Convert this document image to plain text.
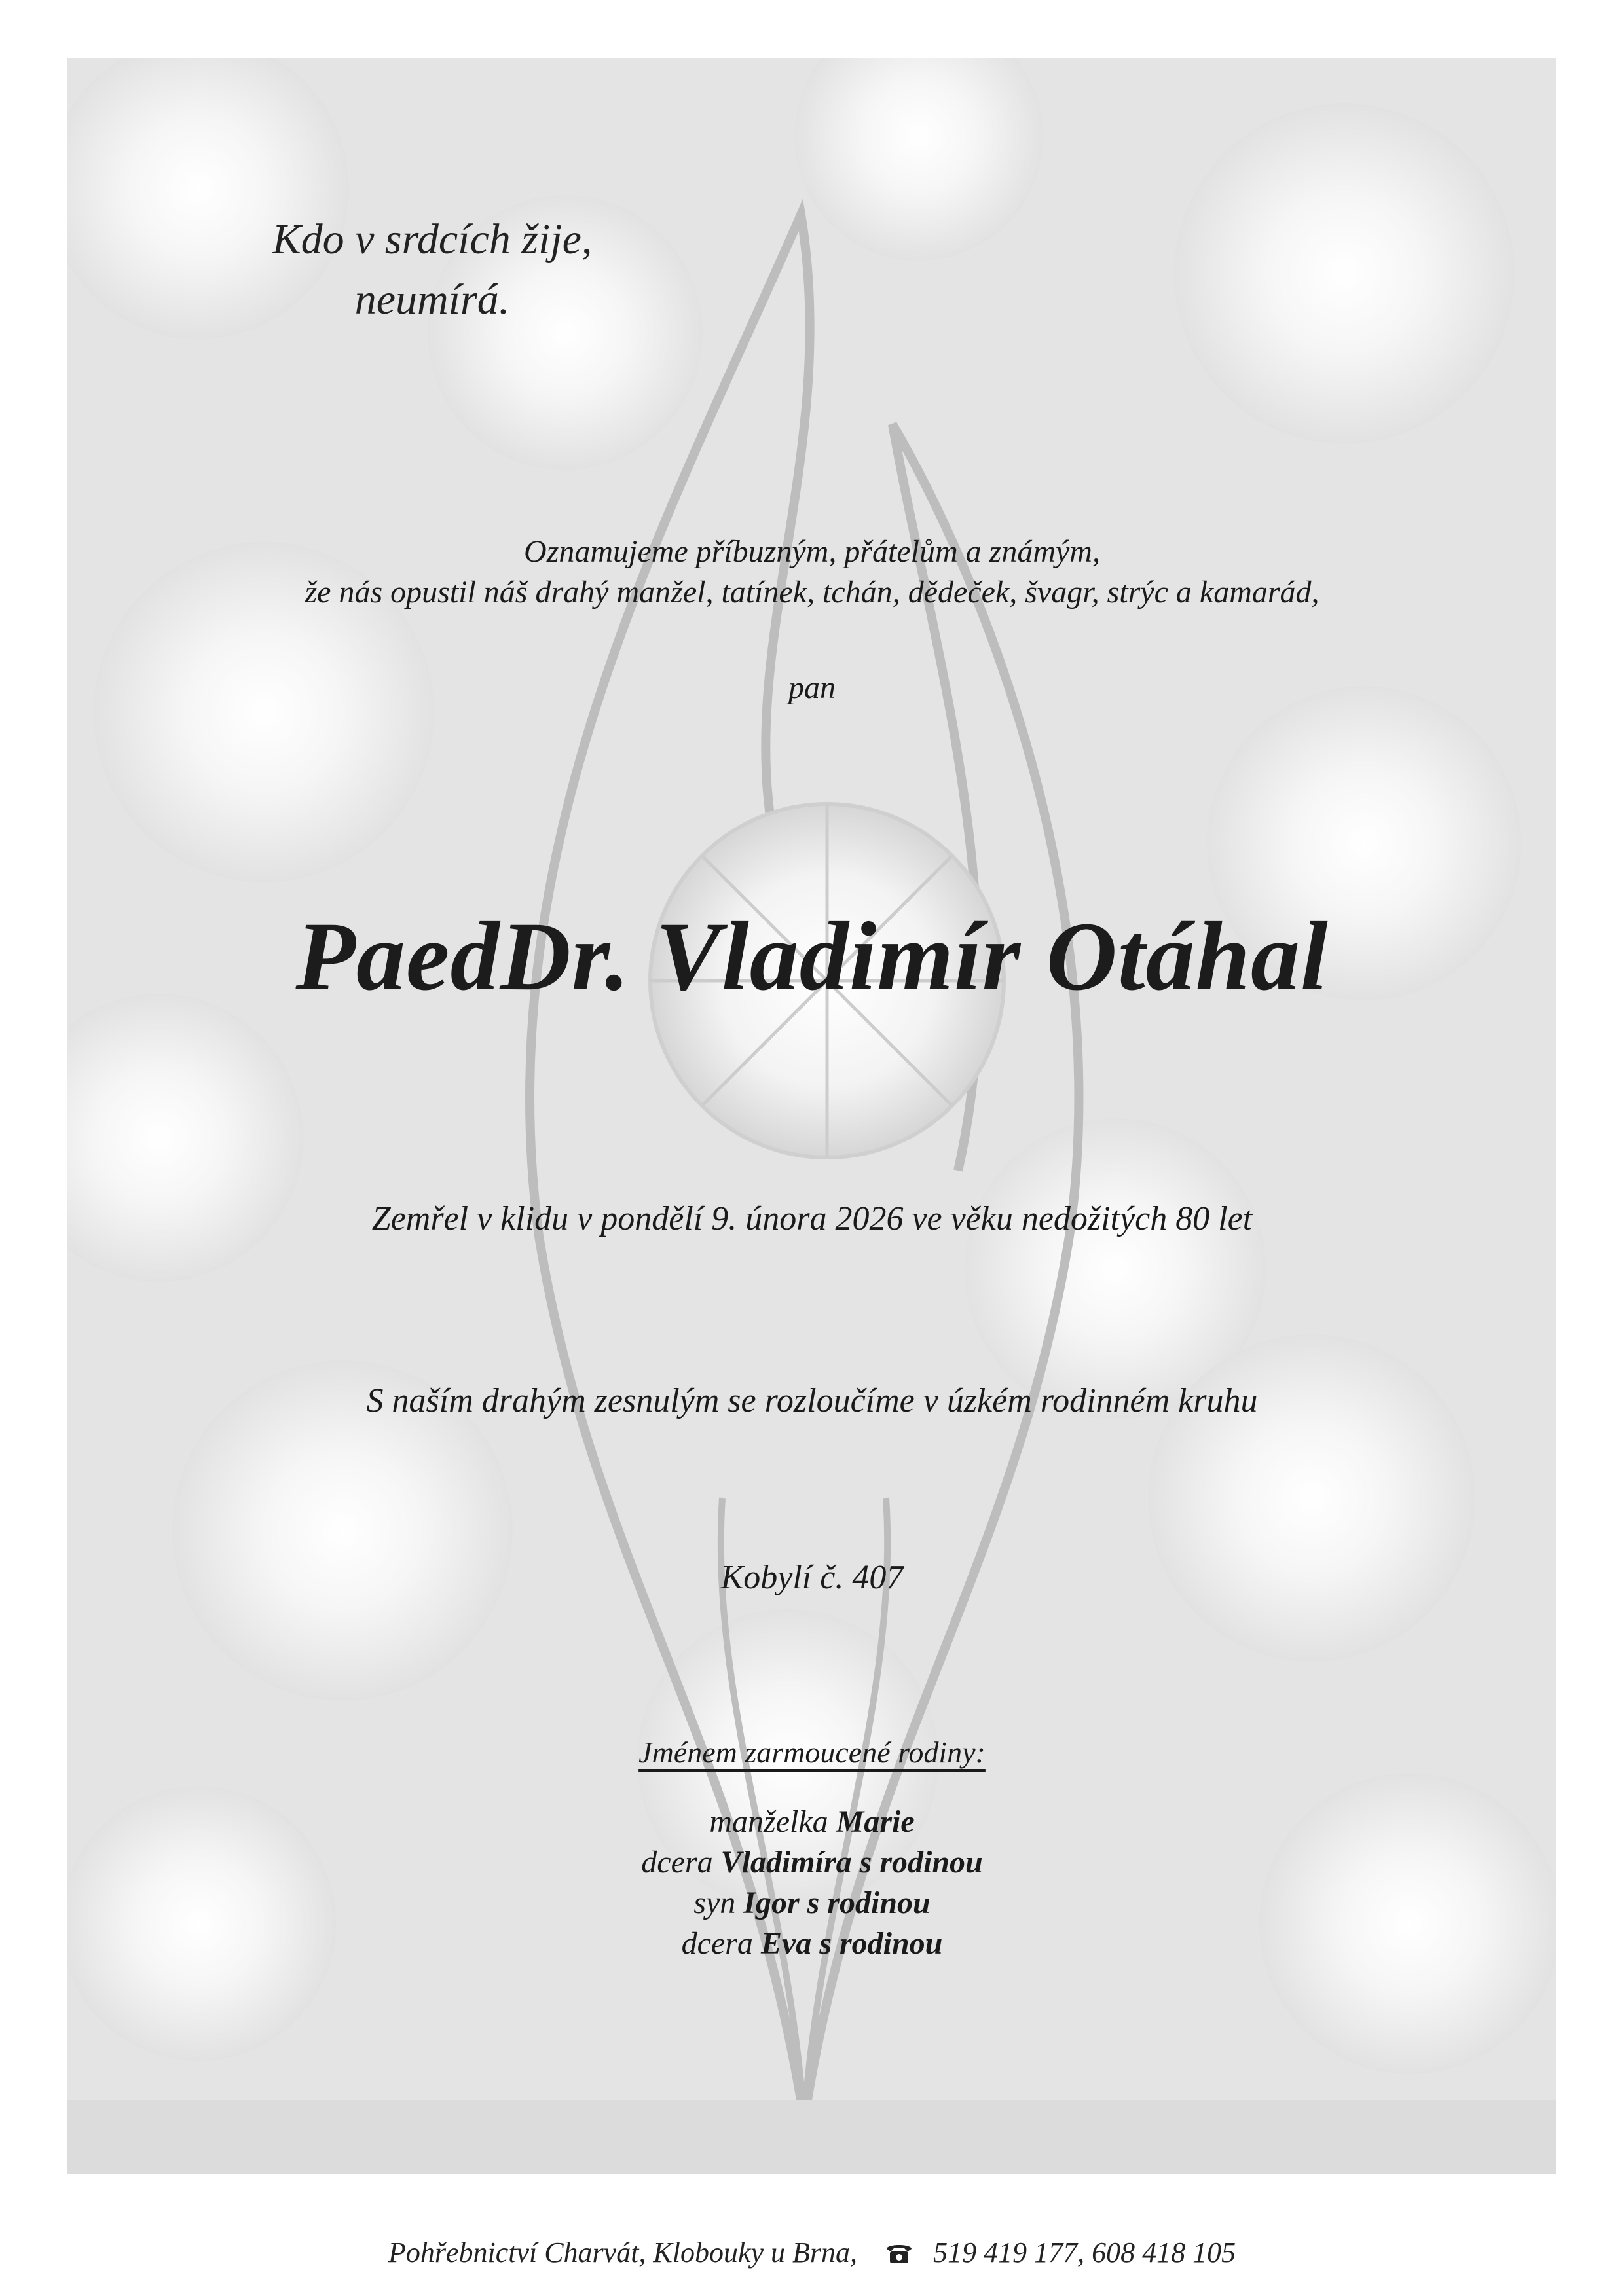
Kdo v srdcích žije,
neumírá.
Oznamujeme příbuzným, přátelům a známým,
že nás opustil náš drahý manžel, tatínek, tchán, dědeček, švagr, strýc a kamarád,
pan
PaedDr. Vladimír Otáhal
Zemřel v klidu v pondělí 9. února 2026 ve věku nedožitých 80 let
S naším drahým zesnulým se rozloučíme v úzkém rodinném kruhu
Kobylí č. 407
Jménem zarmoucené rodiny:
manželka Marie
dcera Vladimíra s rodinou
syn Igor s rodinou
dcera Eva s rodinou
Pohřebnictví Charvát, Klobouky u Brna,	519 419 177, 608 418 105
